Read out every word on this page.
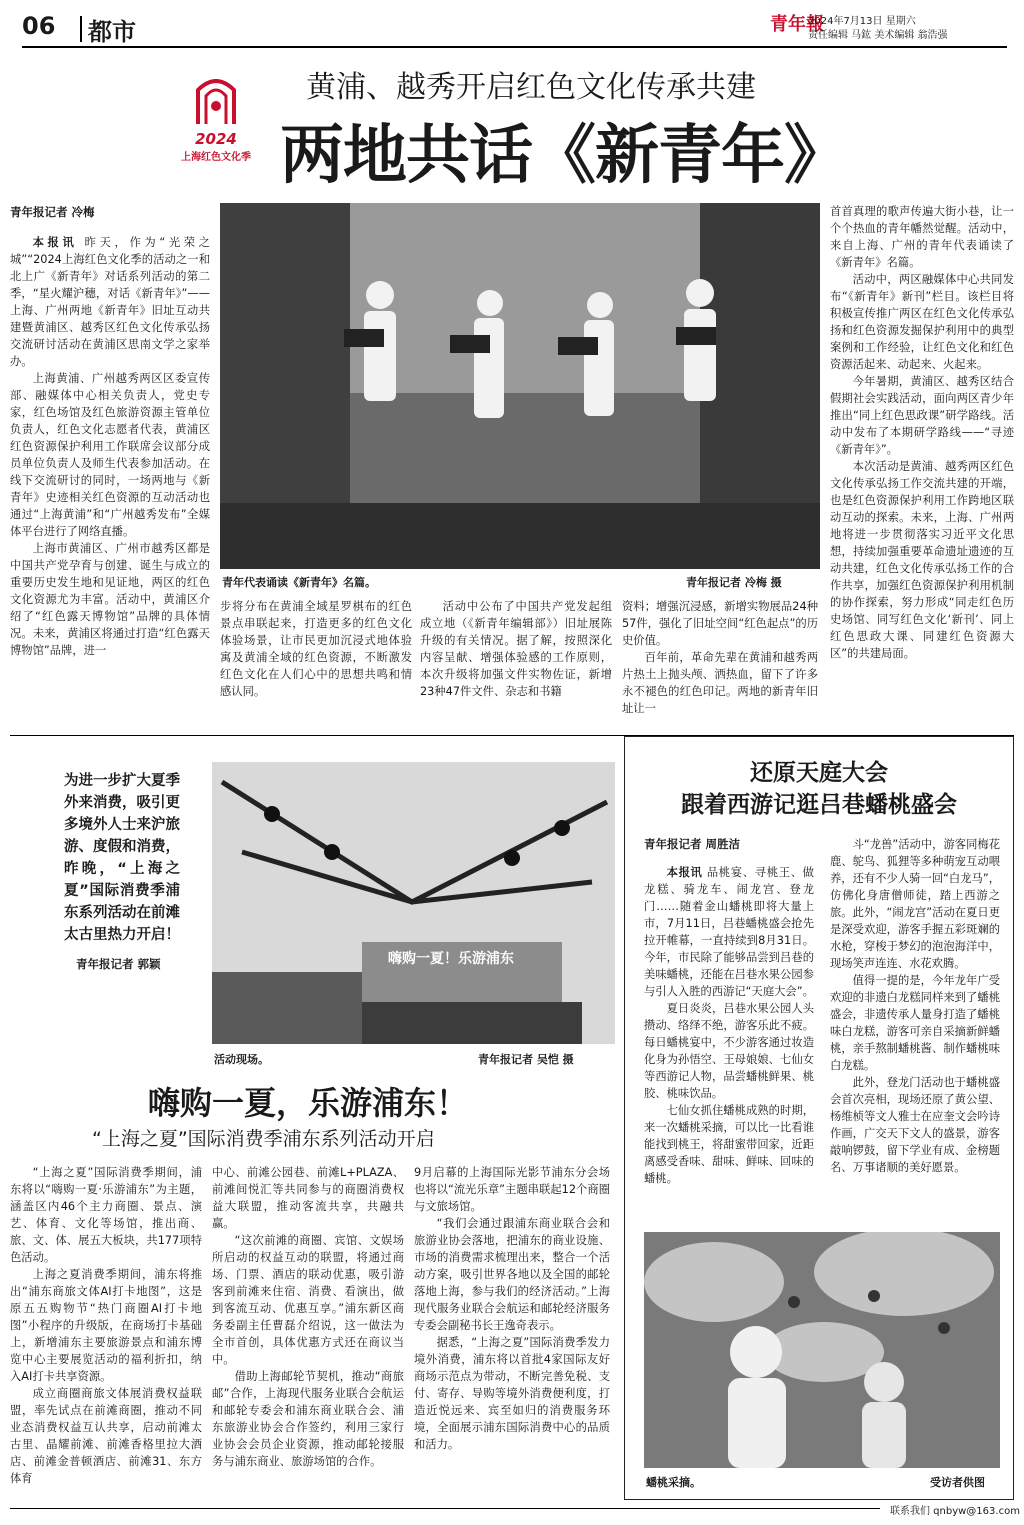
06 都市	青年報
2024年7月13日 星期六
责任编辑 马鈜 美术编辑 翁浩强
2024
上海红色文化季
黄浦、越秀开启红色文化传承共建
两地共话《新青年》
青年报记者 冷梅

本报讯 昨天，作为“光荣之城”“2024上海红色文化季的活动之一和北上广《新青年》对话系列活动的第二季，“星火耀沪穗，对话《新青年》”——上海、广州两地《新青年》旧址互动共建暨黄浦区、越秀区红色文化传承弘扬交流研讨活动在黄浦区思南文学之家举办。

上海黄浦、广州越秀两区区委宣传部、融媒体中心相关负责人，党史专家，红色场馆及红色旅游资源主管单位负责人，红色文化志愿者代表，黄浦区红色资源保护利用工作联席会议部分成员单位负责人及师生代表参加活动。在线下交流研讨的同时，一场两地与《新青年》史迹相关红色资源的互动活动也通过“上海黄浦”和“广州越秀发布”全媒体平台进行了网络直播。

上海市黄浦区、广州市越秀区都是中国共产党孕育与创建、诞生与成立的重要历史发生地和见证地，两区的红色文化资源尤为丰富。活动中，黄浦区介绍了“红色露天博物馆”品牌的具体情况。未来，黄浦区将通过打造“红色露天博物馆”品牌，进一

青年代表诵读《新青年》名篇。	青年报记者 冷梅 摄

步将分布在黄浦全域星罗棋布的红色景点串联起来，打造更多的红色文化体验场景，让市民更加沉浸式地体验寓及黄浦全域的红色资源，不断激发红色文化在人们心中的思想共鸣和情感认同。

活动中公布了中国共产党发起组成立地（《新青年编辑部》）旧址展陈升级的有关情况。据了解，按照深化内容呈献、增强体验感的工作原则，本次升级将加强文件实物佐证，新增23种47件文件、杂志和书籍

资料；增强沉浸感，新增实物展品24种57件，强化了旧址空间“红色起点”的历史价值。

百年前，革命先辈在黄浦和越秀两片热土上抛头颅、洒热血，留下了许多永不褪色的红色印记。两地的新青年旧址让一

首首真理的歌声传遍大街小巷，让一个个热血的青年幡然觉醒。活动中，来自上海、广州的青年代表诵读了《新青年》名篇。

活动中，两区融媒体中心共同发布“《新青年》新刊”栏目。该栏目将积极宣传推广两区在红色文化传承弘扬和红色资源发掘保护利用中的典型案例和工作经验，让红色文化和红色资源活起来、动起来、火起来。

今年暑期，黄浦区、越秀区结合假期社会实践活动，面向两区青少年推出“同上红色思政课”研学路线。活动中发布了本期研学路线——“寻迹《新青年》”。

本次活动是黄浦、越秀两区红色文化传承弘扬工作交流共建的开端，也是红色资源保护利用工作跨地区联动互动的探索。未来，上海、广州两地将进一步贯彻落实习近平文化思想，持续加强重要革命遗址遗迹的互动共建，红色文化传承弘扬工作的合作共享，加强红色资源保护利用机制的协作探索，努力形成“同走红色历史场馆、同写红色文化‘新刊’、同上红色思政大课、同建红色资源大区”的共建局面。

为进一步扩大夏季外来消费，吸引更多境外人士来沪旅游、度假和消费，昨晚，“上海之夏”国际消费季浦东系列活动在前滩太古里热力开启！
青年报记者 郭颖	嗨购一夏！乐游浦东
活动现场。	青年报记者 吴恺 摄
嗨购一夏，乐游浦东！
“上海之夏”国际消费季浦东系列活动开启

“上海之夏”国际消费季期间，浦东将以“嗨购一夏·乐游浦东”为主题，涵盖区内46个主力商圈、景点、演艺、体育、文化等场馆，推出商、旅、文、体、展五大板块，共177项特色活动。

上海之夏消费季期间，浦东将推出“浦东商旅文体AI打卡地图”，这是原五五购物节“热门商圈AI打卡地图”小程序的升级版，在商场打卡基础上，新增浦东主要旅游景点和浦东博览中心主要展览活动的福利折扣，纳入AI打卡共享资源。

成立商圈商旅文体展消费权益联盟，率先试点在前滩商圈，推动不同业态消费权益互认共享，启动前滩太古里、晶耀前滩、前滩香格里拉大酒店、前滩金普顿酒店、前滩31、东方体育

中心、前滩公园巷、前滩L+PLAZA、前滩间悦汇等共同参与的商圈消费权益大联盟，推动客流共享，共融共赢。

“这次前滩的商圈、宾馆、文娱场所启动的权益互动的联盟，将通过商场、门票、酒店的联动优惠，吸引游客到前滩来住宿、消费、看演出，做到客流互动、优惠互享。”浦东新区商务委副主任曹磊介绍说，这一做法为全市首创，具体优惠方式还在商议当中。

借助上海邮轮节契机，推动“商旅邮”合作，上海现代服务业联合会航运和邮轮专委会和浦东商业联合会、浦东旅游业协会合作签约，利用三家行业协会会员企业资源，推动邮轮接服务与浦东商业、旅游场馆的合作。

9月启幕的上海国际光影节浦东分会场也将以“流光乐章”主题串联起12个商圈与文旅场馆。

“我们会通过跟浦东商业联合会和旅游业协会落地，把浦东的商业设施、市场的消费需求梳理出来，整合一个活动方案，吸引世界各地以及全国的邮轮落地上海，参与我们的经济活动。”上海现代服务业联合会航运和邮轮经济服务专委会副秘书长王逸奇表示。

据悉，“上海之夏”国际消费季发力境外消费，浦东将以首批4家国际友好商场示范点为带动，不断完善免税、支付、寄存、导购等境外消费便利度，打造近悦远来、宾至如归的消费服务环境，全面展示浦东国际消费中心的品质和活力。

还原天庭大会
跟着西游记逛吕巷蟠桃盛会
青年报记者 周胜洁

本报讯 品桃宴、寻桃王、做龙糕、骑龙车、闹龙宫、登龙门……随着金山蟠桃即将大量上市，7月11日，吕巷蟠桃盛会抢先拉开帷幕，一直持续到8月31日。今年，市民除了能够品尝到吕巷的美味蟠桃，还能在吕巷水果公园参与引人入胜的西游记“天庭大会”。

夏日炎炎，吕巷水果公园人头攒动、络绎不绝，游客乐此不疲。每日蟠桃宴中，不少游客通过妆造化身为孙悟空、王母娘娘、七仙女等西游记人物，品尝蟠桃鲜果、桃胶、桃味饮品。

七仙女抓住蟠桃成熟的时期，来一次蟠桃采摘，可以比一比看谁能找到桃王，将甜蜜带回家，近距离感受香味、甜味、鲜味、回味的蟠桃。

斗“龙兽”活动中，游客同梅花鹿、鸵鸟、狐狸等多种萌宠互动喂养，还有不少人骑一回“白龙马”，仿佛化身唐僧师徒，踏上西游之旅。此外，“闹龙宫”活动在夏日更是深受欢迎，游客手握五彩斑斓的水枪，穿梭于梦幻的泡泡海洋中，现场笑声连连、水花欢腾。

值得一提的是，今年龙年广受欢迎的非遗白龙糕同样来到了蟠桃盛会，非遗传承人量身打造了蟠桃味白龙糕，游客可亲自采摘新鲜蟠桃，亲手熬制蟠桃酱、制作蟠桃味白龙糕。

此外，登龙门活动也于蟠桃盛会首次亮相，现场还原了黄公望、杨维桢等文人雅士在应奎文会吟诗作画，广交天下文人的盛景，游客敲响锣鼓，留下学业有成、金榜题名、万事诸顺的美好愿景。

蟠桃采摘。	受访者供图
联系我们 qnbyw@163.com
